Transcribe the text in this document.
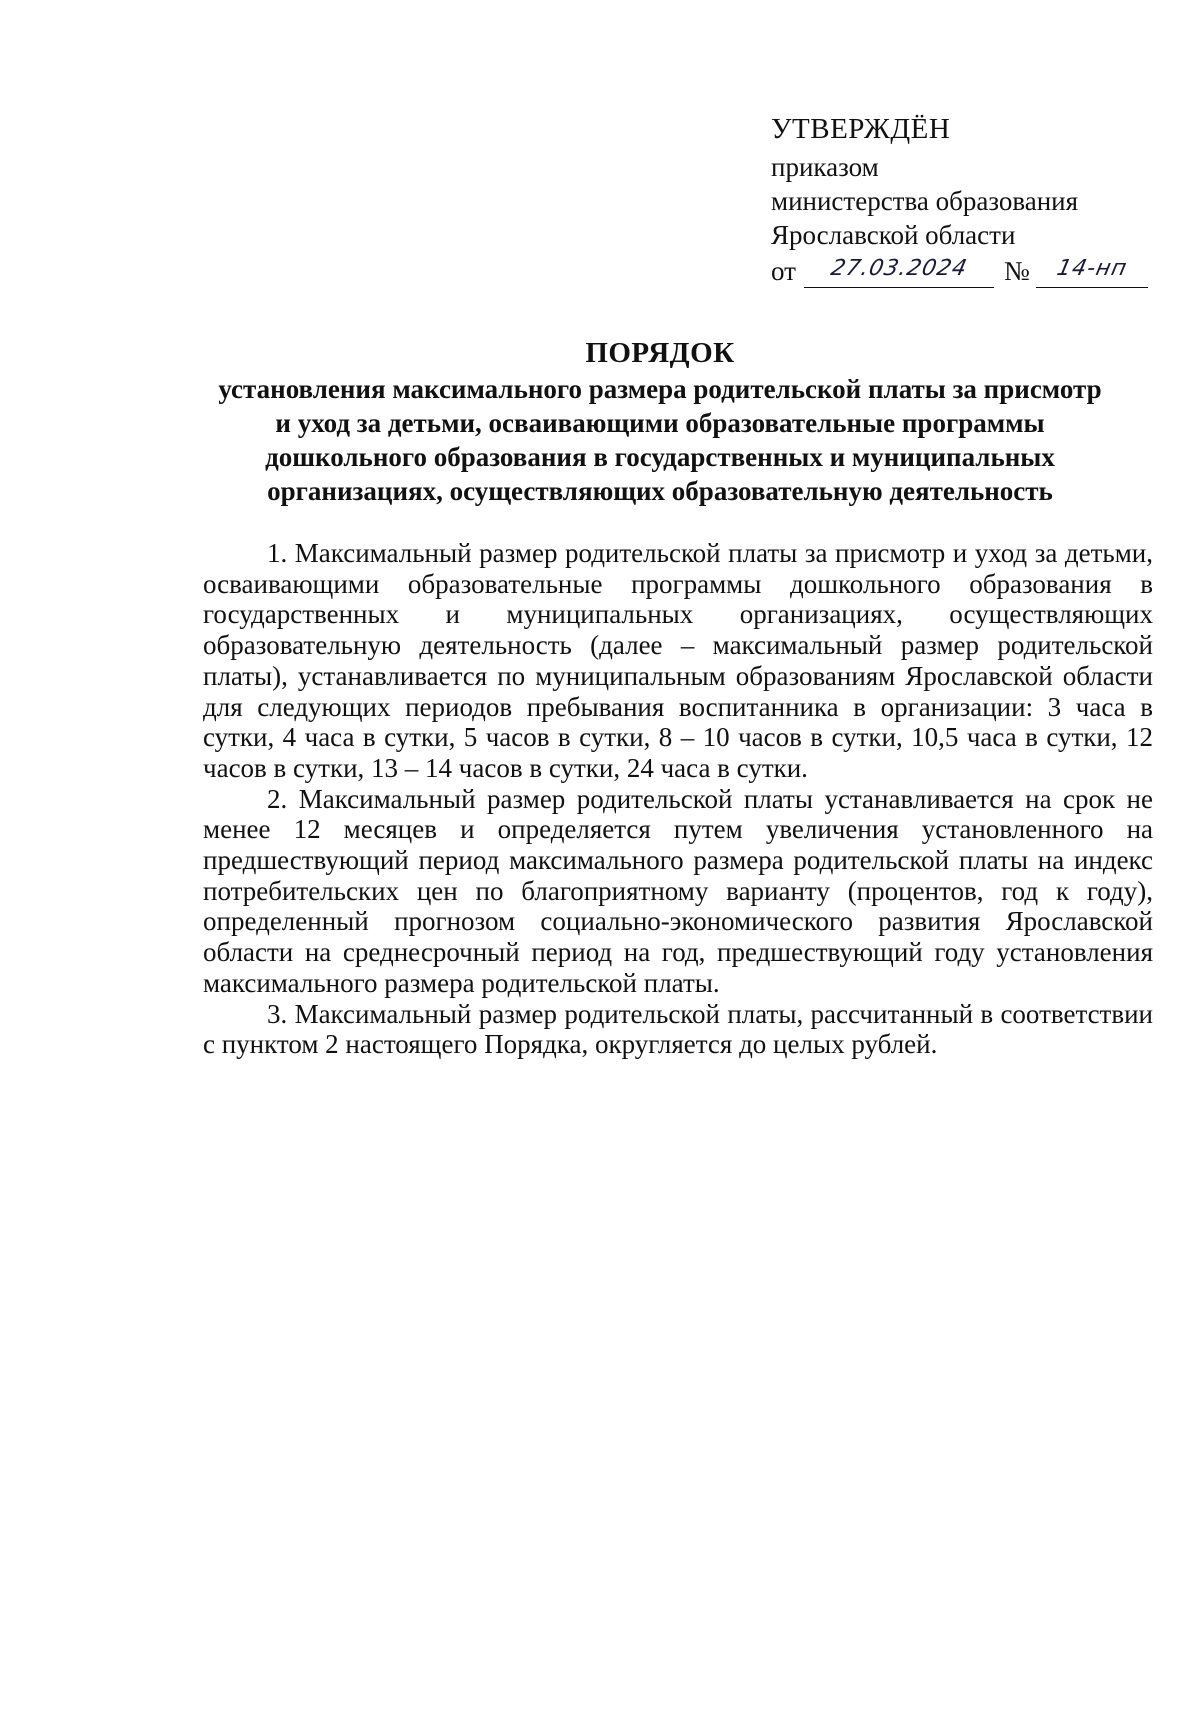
УТВЕРЖДЁН
приказом
министерства образования
Ярославской области
от	27.03.2024	№	14-нп
ПОРЯДОК
установления максимального размера родительской платы за присмотр
и уход за детьми, осваивающими образовательные программы
дошкольного образования в государственных и муниципальных
организациях, осуществляющих образовательную деятельность

1. Максимальный размер родительской платы за присмотр и уход за детьми, осваивающими образовательные программы дошкольного образования в государственных и муниципальных организациях, осуществляющих образовательную деятельность (далее – максимальный размер родительской платы), устанавливается по муниципальным образованиям Ярославской области для следующих периодов пребывания воспитанника в организации: 3 часа в сутки, 4 часа в сутки, 5 часов в сутки, 8 – 10 часов в сутки, 10,5 часа в сутки, 12 часов в сутки, 13 – 14 часов в сутки, 24 часа в сутки.

2. Максимальный размер родительской платы устанавливается на срок не менее 12 месяцев и определяется путем увеличения установленного на предшествующий период максимального размера родительской платы на индекс потребительских цен по благоприятному варианту (процентов, год к году), определенный прогнозом социально-экономического развития Ярославской области на среднесрочный период на год, предшествующий году установления максимального размера родительской платы.

3. Максимальный размер родительской платы, рассчитанный в соответствии с пунктом 2 настоящего Порядка, округляется до целых рублей.
